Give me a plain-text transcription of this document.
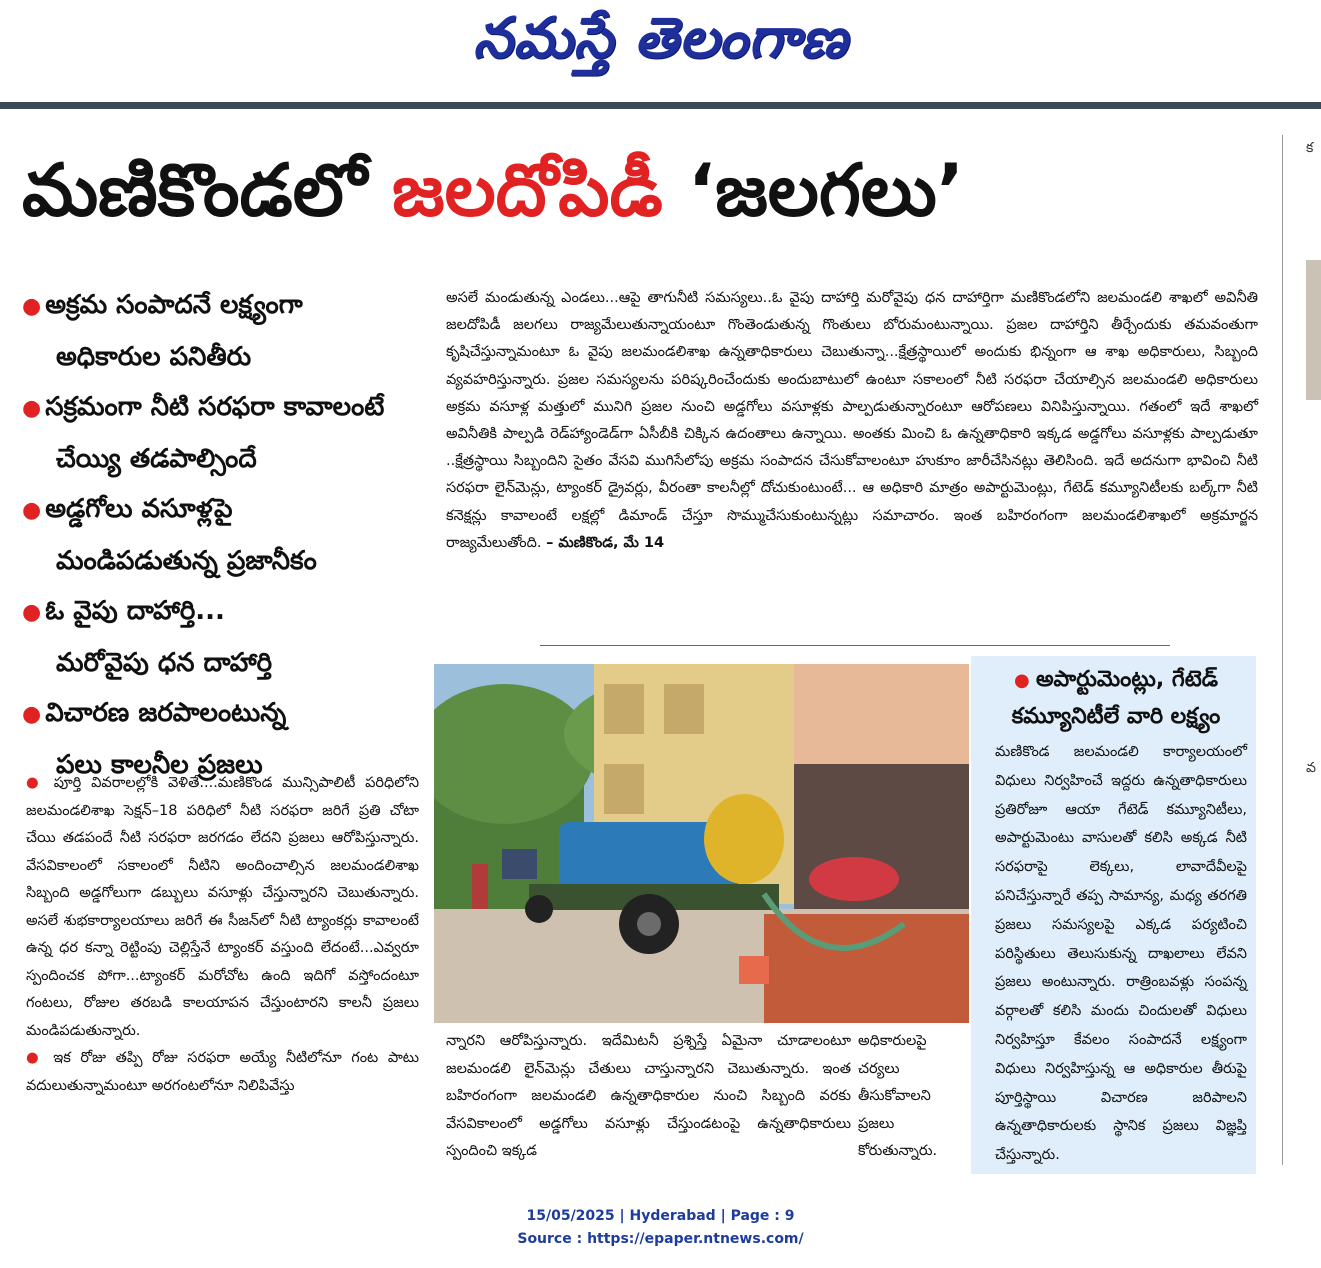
నమస్తే తెలంగాణ
మణికొండలో జలదోపిడీ ‘జలగలు’	క
వ
● అక్రమ సంపాదనే లక్ష్యంగా
అధికారుల పనితీరు
● సక్రమంగా నీటి సరఫరా కావాలంటే
చేయ్యి తడపాల్సిందే
● అడ్డగోలు వసూళ్లపై
మండిపడుతున్న ప్రజానీకం
● ఓ వైపు దాహార్తి...
మరోవైపు ధన దాహార్తి
● విచారణ జరపాలంటున్న
పలు కాలనీల ప్రజలు
● పూర్తి వివరాలల్లోకి వెళితే....మణికొండ మున్సిపాలిటీ పరిధిలోని జలమండలిశాఖ సెక్షన్–18 పరిధిలో నీటి సరఫరా జరిగే ప్రతి చోటా చేయి తడపందే నీటి సరఫరా జరగడం లేదని ప్రజలు ఆరోపిస్తున్నారు. వేసవికాలంలో సకాలంలో నీటిని అందించాల్సిన జలమండలిశాఖ సిబ్బంది అడ్డగోలుగా డబ్బులు వసూళ్లు చేస్తున్నారని చెబుతున్నారు. అసలే శుభకార్యాలయాలు జరిగే ఈ సీజన్‌లో నీటి ట్యాంకర్లు కావాలంటే ఉన్న ధర కన్నా రెట్టింపు చెల్లిస్తేనే ట్యాంకర్ వస్తుంది లేదంటే...ఎవ్వరూ స్పందించక పోగా...ట్యాంకర్ మరోచోట ఉంది ఇదిగో వస్తోందంటూ గంటలు, రోజుల తరబడి కాలయాపన చేస్తుంటారని కాలనీ ప్రజలు మండిపడుతున్నారు.
● ఇక రోజు తప్పి రోజు సరఫరా అయ్యే నీటిలోనూ గంట పాటు వదులుతున్నామంటూ అరగంటలోనూ నిలిపివేస్తు
అసలే మండుతున్న ఎండలు...ఆపై తాగునీటి సమస్యలు..ఓ వైపు దాహార్తి మరోవైపు ధన దాహార్తిగా మణికొండలోని జలమండలి శాఖలో అవినీతి జలదోపిడీ జలగలు రాజ్యమేలుతున్నాయంటూ గొంతెండుతున్న గొంతులు బోరుమంటున్నాయి. ప్రజల దాహార్తిని తీర్చేందుకు తమవంతుగా కృషిచేస్తున్నామంటూ ఓ వైపు జలమండలిశాఖ ఉన్నతాధికారులు చెబుతున్నా...క్షేత్రస్థాయిలో అందుకు భిన్నంగా ఆ శాఖ అధికారులు, సిబ్బంది వ్యవహరిస్తున్నారు. ప్రజల సమస్యలను పరిష్కరించేందుకు అందుబాటులో ఉంటూ సకాలంలో నీటి సరఫరా చేయాల్సిన జలమండలి అధికారులు అక్రమ వసూళ్ల మత్తులో మునిగి ప్రజల నుంచి అడ్డగోలు వసూళ్లకు పాల్పడుతున్నారంటూ ఆరోపణలు వినిపిస్తున్నాయి. గతంలో ఇదే శాఖలో అవినీతికి పాల్పడి రెడ్‌హ్యాండెడ్‌గా ఏసీబీకి చిక్కిన ఉదంతాలు ఉన్నాయి. అంతకు మించి ఓ ఉన్నతాధికారి ఇక్కడ అడ్డగోలు వసూళ్లకు పాల్పడుతూ ..క్షేత్రస్థాయి సిబ్బందిని సైతం వేసవి ముగిసేలోపు అక్రమ సంపాదన చేసుకోవాలంటూ హుకూం జారీచేసినట్లు తెలిసింది. ఇదే అదనుగా భావించి నీటి సరఫరా లైన్‌మెన్లు, ట్యాంకర్ డ్రైవర్లు, వీరంతా కాలనీల్లో దోచుకుంటుంటే... ఆ అధికారి మాత్రం అపార్టుమెంట్లు, గేటెడ్ కమ్యూనిటీలకు బల్క్‌గా నీటి కనెక్షన్లు కావాలంటే లక్షల్లో డిమాండ్ చేస్తూ సొమ్ముచేసుకుంటున్నట్లు సమాచారం. ఇంత బహిరంగంగా జలమండలిశాఖలో అక్రమార్జన రాజ్యమేలుతోంది. – మణికొండ, మే 14
న్నారని ఆరోపిస్తున్నారు. ఇదేమిటనీ ప్రశ్నిస్తే ఏమైనా చూడాలంటూ జలమండలి లైన్‌మెన్లు చేతులు చాస్తున్నారని చెబుతున్నారు. ఇంత బహిరంగంగా జలమండలి ఉన్నతాధికారుల నుంచి సిబ్బంది వరకు వేసవికాలంలో అడ్డగోలు వసూళ్లు చేస్తుండటంపై ఉన్నతాధికారులు స్పందించి ఇక్కడ
అధికారులపై చర్యలు తీసుకోవాలని ప్రజలు కోరుతున్నారు.
● అపార్టుమెంట్లు, గేటెడ్ కమ్యూనిటీలే వారి లక్ష్యం
మణికొండ జలమండలి కార్యాలయంలో విధులు నిర్వహించే ఇద్దరు ఉన్నతాధికారులు ప్రతిరోజూ ఆయా గేటెడ్ కమ్యూనిటీలు, అపార్టుమెంటు వాసులతో కలిసి అక్కడ నీటి సరఫరాపై లెక్కలు, లావాదేవీలపై పనిచేస్తున్నారే తప్ప సామాన్య, మధ్య తరగతి ప్రజలు సమస్యలపై ఎక్కడ పర్యటించి పరిస్థితులు తెలుసుకున్న దాఖలాలు లేవని ప్రజలు అంటున్నారు. రాత్రింబవళ్లు సంపన్న వర్గాలతో కలిసి మందు చిందులతో విధులు నిర్వహిస్తూ కేవలం సంపాదనే లక్ష్యంగా విధులు నిర్వహిస్తున్న ఆ అధికారుల తీరుపై పూర్తిస్థాయి విచారణ జరిపాలని ఉన్నతాధికారులకు స్థానిక ప్రజలు విజ్ఞప్తి చేస్తున్నారు.
15/05/2025 | Hyderabad | Page : 9
Source : https://epaper.ntnews.com/
